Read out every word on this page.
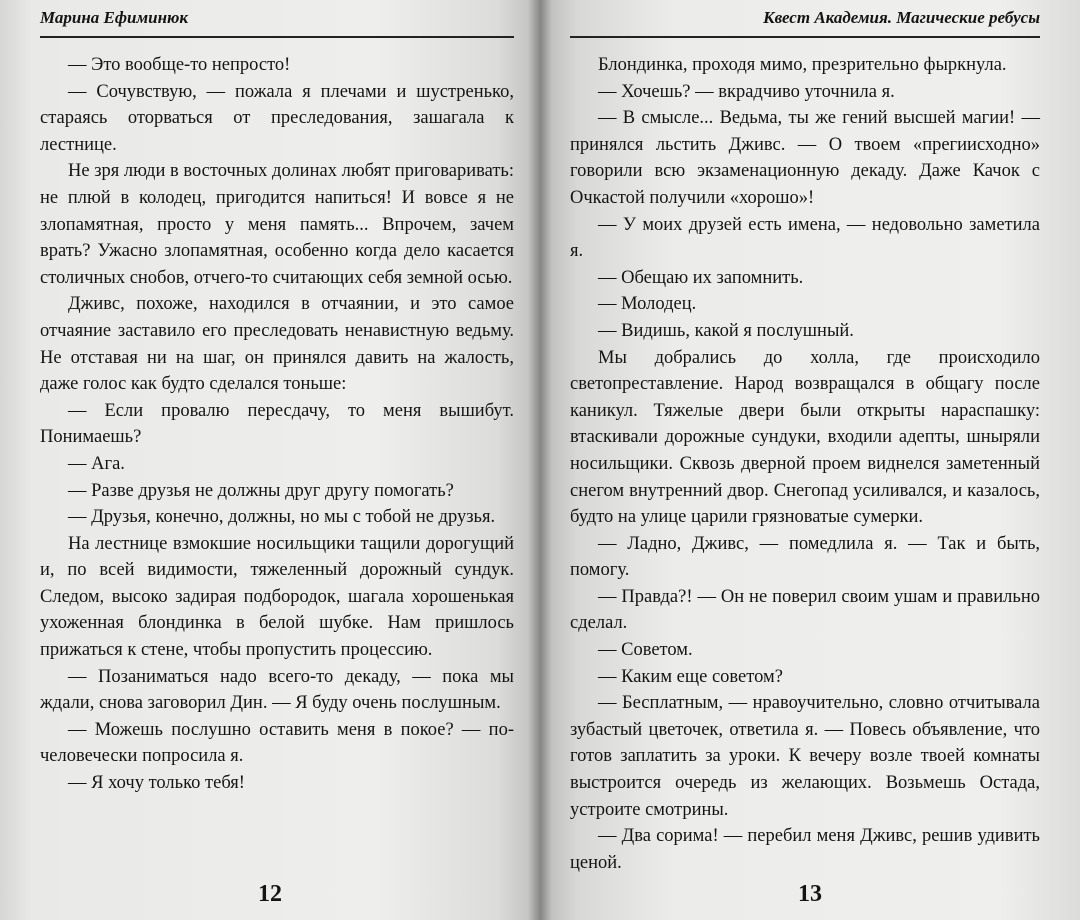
Марина Ефиминюк

— Это вообще-то непросто!

— Сочувствую, — пожала я плечами и шустренько, стараясь оторваться от преследования, зашагала к лестнице.

Не зря люди в восточных долинах любят приговаривать: не плюй в колодец, пригодится напиться! И вовсе я не злопамятная, просто у меня память... Впрочем, зачем врать? Ужасно злопамятная, особенно когда дело касается столичных снобов, отчего-то считающих себя земной осью.

Дживс, похоже, находился в отчаянии, и это самое отчаяние заставило его преследовать ненавистную ведьму. Не отставая ни на шаг, он принялся давить на жалость, даже голос как будто сделался тоньше:

— Если провалю пересдачу, то меня вышибут. Понимаешь?

— Ага.

— Разве друзья не должны друг другу помогать?

— Друзья, конечно, должны, но мы с тобой не друзья.

На лестнице взмокшие носильщики тащили дорогущий и, по всей видимости, тяжеленный дорожный сундук. Следом, высоко задирая подбородок, шагала хорошенькая ухоженная блондинка в белой шубке. Нам пришлось прижаться к стене, чтобы пропустить процессию.

— Позаниматься надо всего-то декаду, — пока мы ждали, снова заговорил Дин. — Я буду очень послушным.

— Можешь послушно оставить меня в покое? — по-человечески попросила я.

— Я хочу только тебя!

12
Квест Академия. Магические ребусы

Блондинка, проходя мимо, презрительно фыркнула.

— Хочешь? — вкрадчиво уточнила я.

— В смысле... Ведьма, ты же гений высшей магии! — принялся льстить Дживс. — О твоем «прегиисходно» говорили всю экзаменационную декаду. Даже Качок с Очкастой получили «хорошо»!

— У моих друзей есть имена, — недовольно заметила я.

— Обещаю их запомнить.

— Молодец.

— Видишь, какой я послушный.

Мы добрались до холла, где происходило светопреставление. Народ возвращался в общагу после каникул. Тяжелые двери были открыты нараспашку: втаскивали дорожные сундуки, входили адепты, шныряли носильщики. Сквозь дверной проем виднелся заметенный снегом внутренний двор. Снегопад усиливался, и казалось, будто на улице царили грязноватые сумерки.

— Ладно, Дживс, — помедлила я. — Так и быть, помогу.

— Правда?! — Он не поверил своим ушам и правильно сделал.

— Советом.

— Каким еще советом?

— Бесплатным, — нравоучительно, словно отчитывала зубастый цветочек, ответила я. — Повесь объявление, что готов заплатить за уроки. К вечеру возле твоей комнаты выстроится очередь из желающих. Возьмешь Остада, устроите смотрины.

— Два сорима! — перебил меня Дживс, решив удивить ценой.

13
